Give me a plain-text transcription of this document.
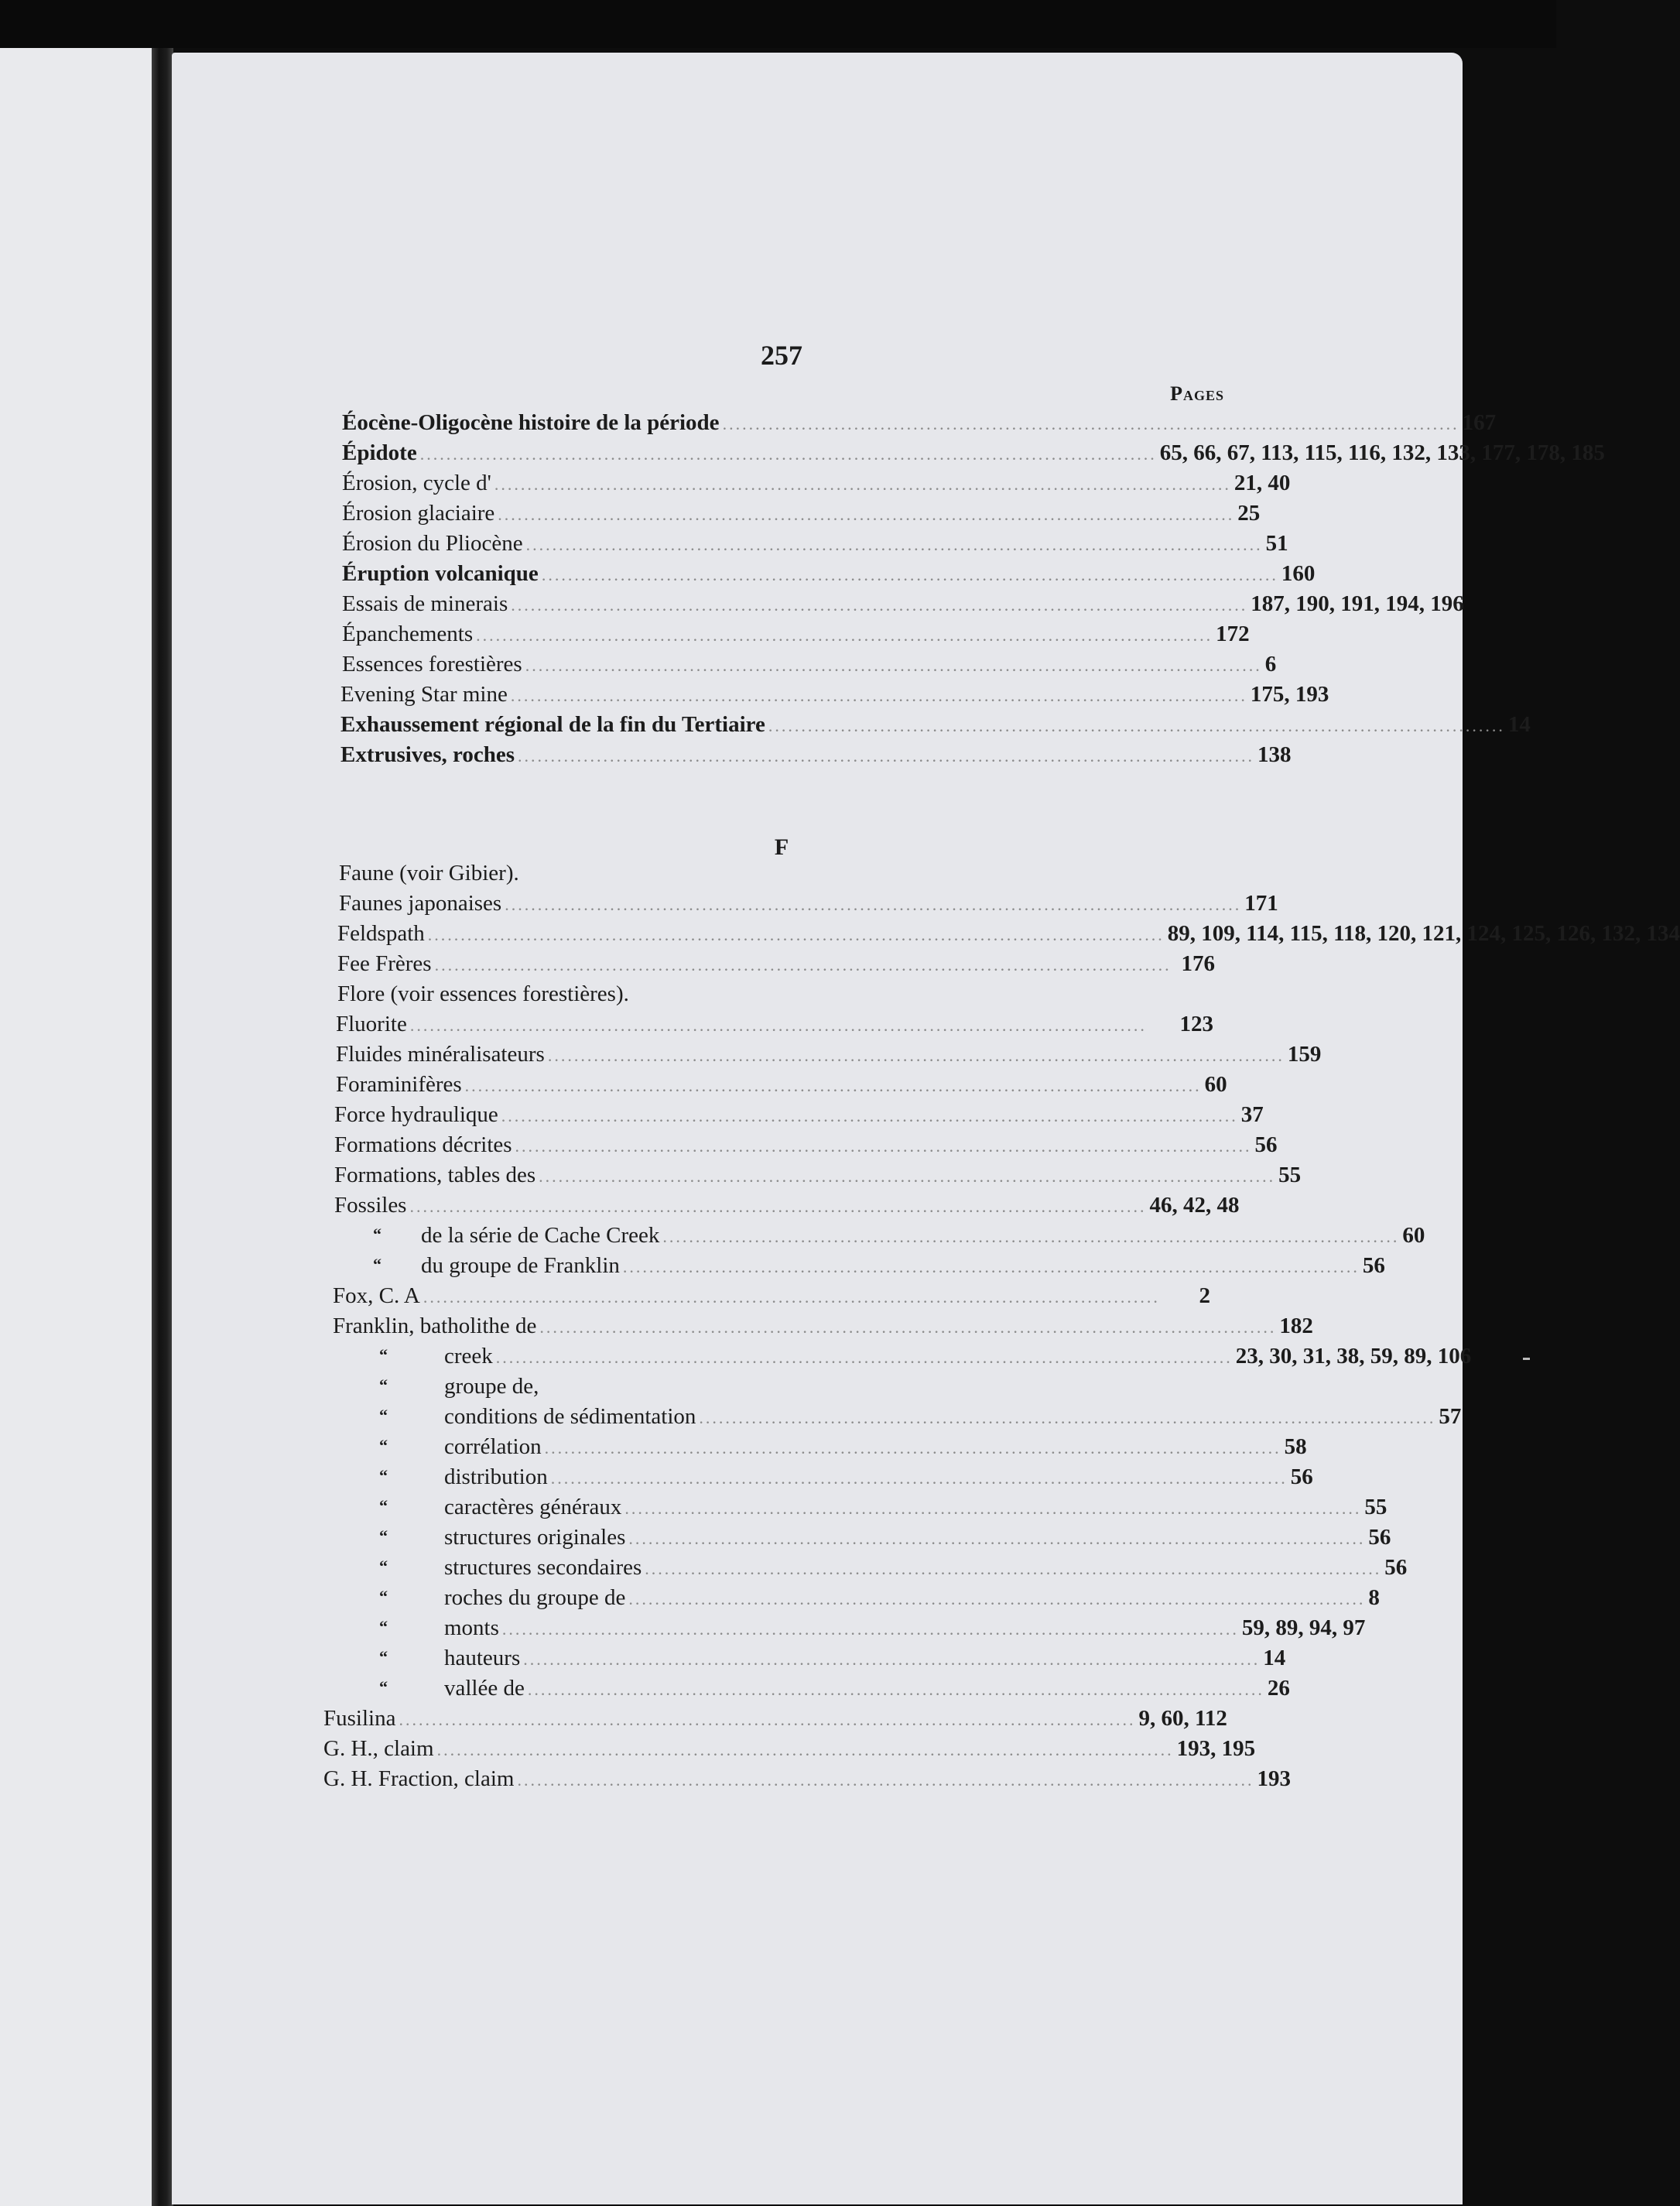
257
Pages
F
Éocène-Oligocène histoire de la période ................................................................................................................ 167
Épidote ................................................................................................................ 65, 66, 67, 113, 115, 116, 132, 133, 177, 178, 185
Érosion, cycle d' ................................................................................................................ 21, 40
Érosion glaciaire ................................................................................................................ 25
Érosion du Pliocène ................................................................................................................ 51
Éruption volcanique ................................................................................................................ 160
Essais de minerais ................................................................................................................ 187, 190, 191, 194, 196
Épanchements ................................................................................................................ 172
Essences forestières ................................................................................................................ 6
Evening Star mine ................................................................................................................ 175, 193
Exhaussement régional de la fin du Tertiaire ................................................................................................................ 14
Extrusives, roches ................................................................................................................ 138
Faune (voir Gibier).
Faunes japonaises ................................................................................................................ 171
Feldspath ................................................................................................................ 89, 109, 114, 115, 118, 120, 121, 124, 125, 126, 132, 134
Fee Frères ................................................................................................................ 176
Flore (voir essences forestières).
Fluorite ................................................................................................................	123
Fluides minéralisateurs ................................................................................................................ 159
Foraminifères ................................................................................................................ 60
Force hydraulique ................................................................................................................ 37
Formations décrites ................................................................................................................ 56
Formations, tables des ................................................................................................................ 55
Fossiles ................................................................................................................ 46, 42, 48
“ de la série de Cache Creek ................................................................................................................ 60
“ du groupe de Franklin ................................................................................................................ 56
Fox, C. A ................................................................................................................	2
Franklin, batholithe de ................................................................................................................ 182
“	creek ................................................................................................................ 23, 30, 31, 38, 59, 89, 106
“	groupe de,
“	conditions de sédimentation ................................................................................................................ 57
“	corrélation ................................................................................................................ 58
“	distribution ................................................................................................................ 56
“	caractères généraux ................................................................................................................ 55
“	structures originales ................................................................................................................ 56
“	structures secondaires ................................................................................................................ 56
“	roches du groupe de ................................................................................................................ 8
“	monts ................................................................................................................ 59, 89, 94, 97
“	hauteurs ................................................................................................................ 14
“	vallée de ................................................................................................................ 26
Fusilina ................................................................................................................ 9, 60, 112
G. H., claim ................................................................................................................ 193, 195
G. H. Fraction, claim ................................................................................................................ 193
